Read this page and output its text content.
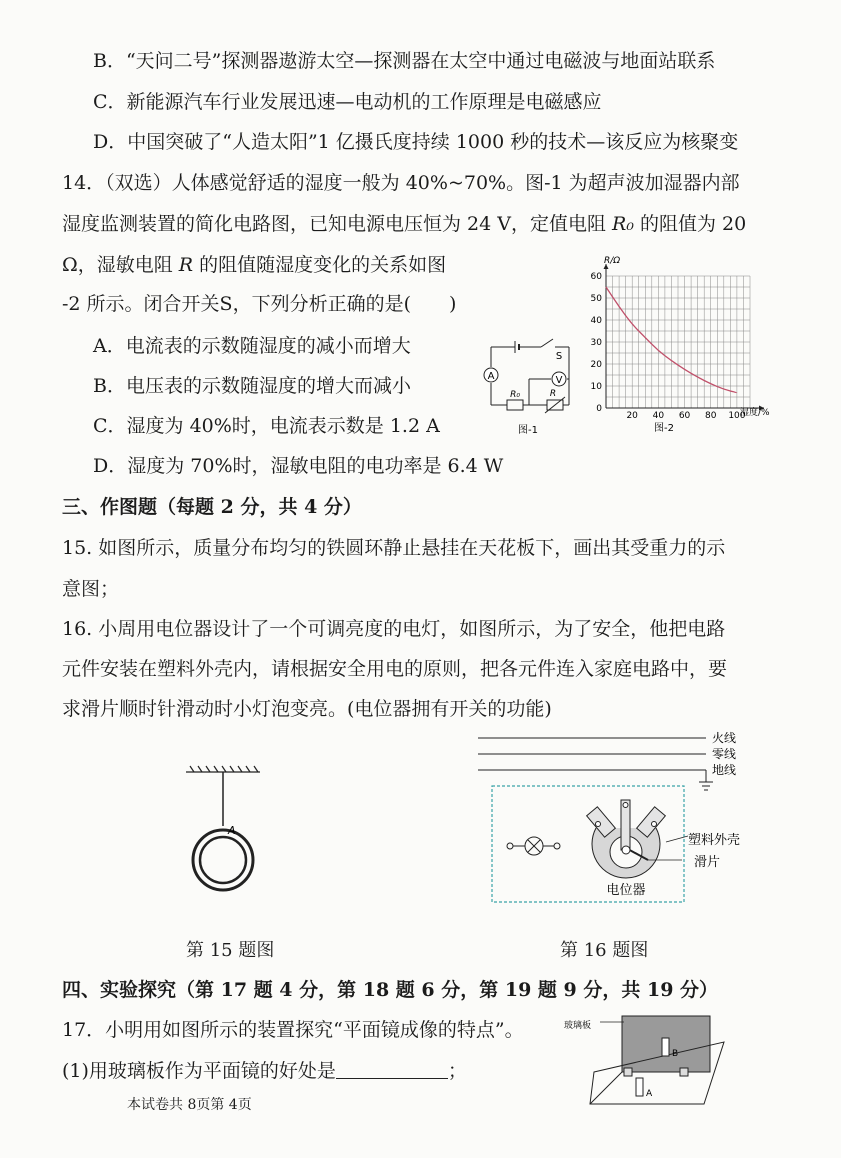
B．“天问二号”探测器遨游太空—探测器在太空中通过电磁波与地面站联系
C．新能源汽车行业发展迅速—电动机的工作原理是电磁感应
D．中国突破了“人造太阳”1 亿摄氏度持续 1000 秒的技术—该反应为核聚变
14．（双选）人体感觉舒适的湿度一般为 40%~70%。图-1 为超声波加湿器内部
湿度监测装置的简化电路图，已知电源电压恒为 24 V，定值电阻 R₀ 的阻值为 20
Ω，湿敏电阻 R 的阻值随湿度变化的关系如图
-2 所示。闭合开关S，下列分析正确的是(　　)
A．电流表的示数随湿度的减小而增大
B．电压表的示数随湿度的增大而减小
C．湿度为 40%时，电流表示数是 1.2 A
D．湿度为 70%时，湿敏电阻的电功率是 6.4 W
A	V
S
R₀	R
图-1
20 40 60 80 100
0
10
20
30
40
50
60
R/Ω
湿度/%
图-2
三、作图题（每题 2 分，共 4 分）
15. 如图所示，质量分布均匀的铁圆环静止悬挂在天花板下，画出其受重力的示
意图；
16. 小周用电位器设计了一个可调亮度的电灯，如图所示，为了安全，他把电路
元件安装在塑料外壳内，请根据安全用电的原则，把各元件连入家庭电路中，要
求滑片顺时针滑动时小灯泡变亮。(电位器拥有开关的功能)
A
第 15 题图
火线
零线
地线
塑料外壳
滑片
电位器
第 16 题图
四、实验探究（第 17 题 4 分，第 18 题 6 分，第 19 题 9 分，共 19 分）
17．小明用如图所示的装置探究“平面镜成像的特点”。
(1)用玻璃板作为平面镜的好处是	；
玻璃板
B
A
本试卷共 8页第 4页
